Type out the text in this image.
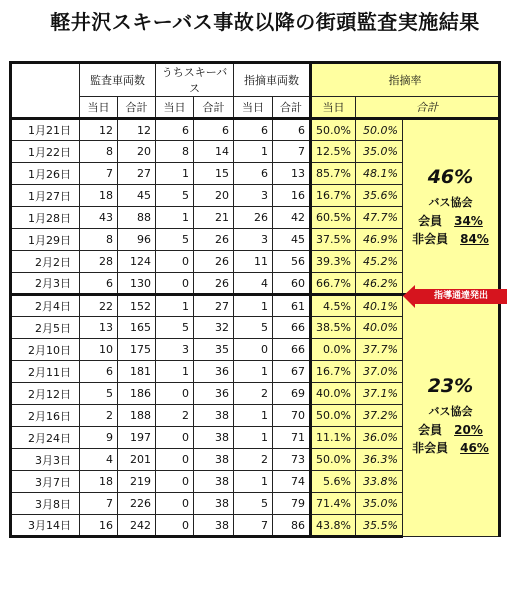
軽井沢スキーバス事故以降の街頭監査実施結果
	監査車両数		うちスキーバス		指摘車両数		指摘率		
	当日	合計	当日	合計	当日	合計	当日	合計	
1月21日	12	12	6	6	6	6	50.0%	50.0%	46%
バス協会
会員 34%
非会員 84%

1月22日	8	20	8	14	1	7	12.5%	35.0%	
1月26日	7	27	1	15	6	13	85.7%	48.1%	
1月27日	18	45	5	20	3	16	16.7%	35.6%	
1月28日	43	88	1	21	26	42	60.5%	47.7%	
1月29日	8	96	5	26	3	45	37.5%	46.9%	
2月2日	28	124	0	26	11	56	39.3%	45.2%	
2月3日	6	130	0	26	4	60	66.7%	46.2%	
2月4日	22	152	1	27	1	61	4.5%	40.1%	23%
バス協会
会員 20%
非会員 46%

2月5日	13	165	5	32	5	66	38.5%	40.0%	
2月10日	10	175	3	35	0	66	0.0%	37.7%	
2月11日	6	181	1	36	1	67	16.7%	37.0%	
2月12日	5	186	0	36	2	69	40.0%	37.1%	
2月16日	2	188	2	38	1	70	50.0%	37.2%	
2月24日	9	197	0	38	1	71	11.1%	36.0%	
3月3日	4	201	0	38	2	73	50.0%	36.3%	
3月7日	18	219	0	38	1	74	5.6%	33.8%	
3月8日	7	226	0	38	5	79	71.4%	35.0%	
3月14日	16	242	0	38	7	86	43.8%	35.5%	
指導通達発出
